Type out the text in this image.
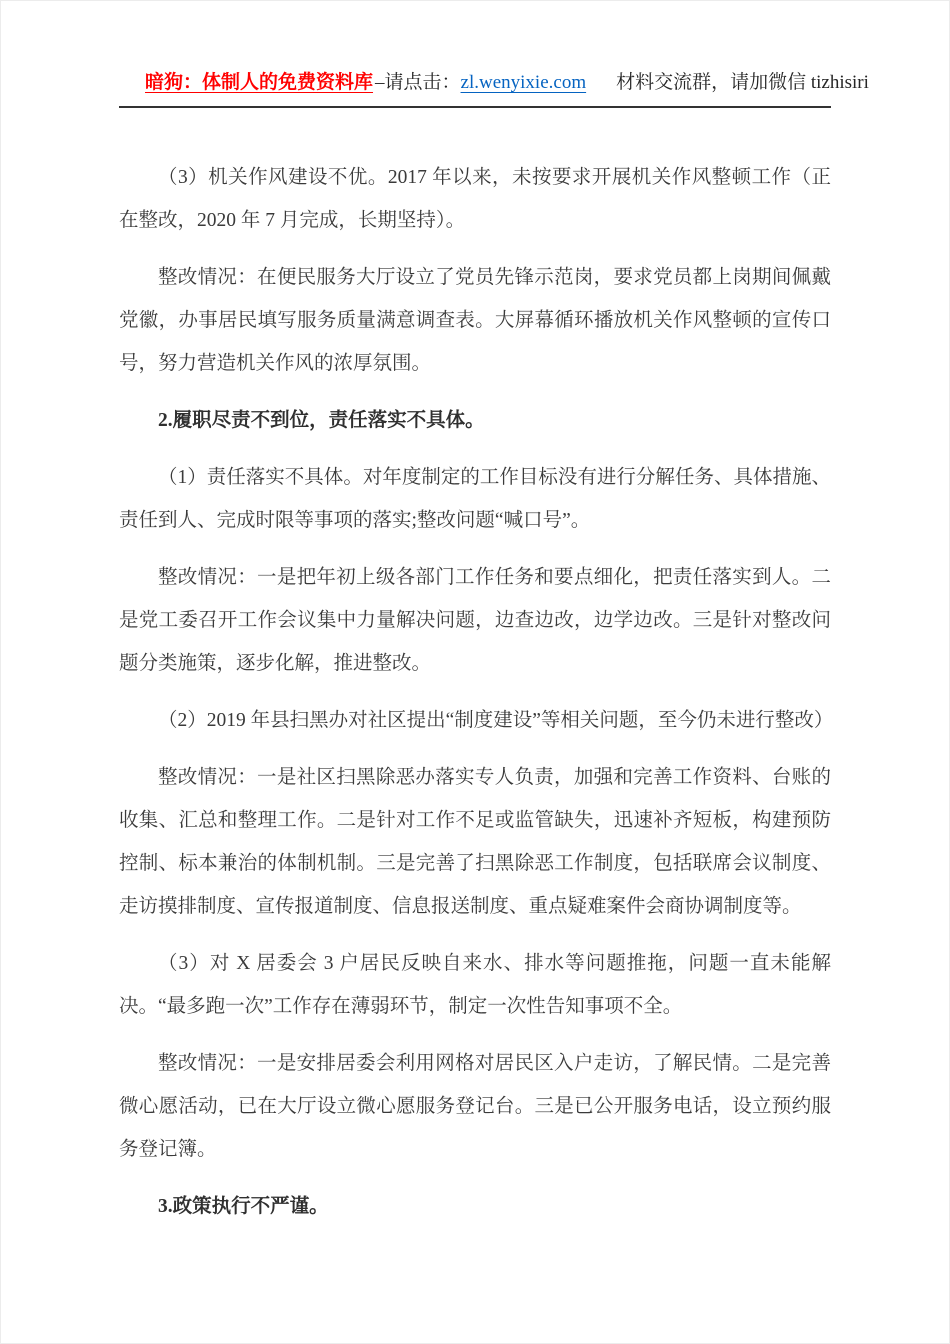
暗狗：体制人的免费资料库 –请点击：zl.wenyixie.com 材料交流群，请加微信 tizhisiri

（3）机关作风建设不优。2017 年以来，未按要求开展机关作风整顿工作（正在整改，2020 年 7 月完成，长期坚持）。

整改情况：在便民服务大厅设立了党员先锋示范岗，要求党员都上岗期间佩戴党徽，办事居民填写服务质量满意调查表。大屏幕循环播放机关作风整顿的宣传口号，努力营造机关作风的浓厚氛围。

2.履职尽责不到位，责任落实不具体。

（1）责任落实不具体。对年度制定的工作目标没有进行分解任务、具体措施、责任到人、完成时限等事项的落实;整改问题“喊口号”。

整改情况：一是把年初上级各部门工作任务和要点细化，把责任落实到人。二是党工委召开工作会议集中力量解决问题，边查边改，边学边改。三是针对整改问题分类施策，逐步化解，推进整改。

（2）2019 年县扫黑办对社区提出“制度建设”等相关问题，至今仍未进行整改）

整改情况：一是社区扫黑除恶办落实专人负责，加强和完善工作资料、台账的收集、汇总和整理工作。二是针对工作不足或监管缺失，迅速补齐短板，构建预防控制、标本兼治的体制机制。三是完善了扫黑除恶工作制度，包括联席会议制度、走访摸排制度、宣传报道制度、信息报送制度、重点疑难案件会商协调制度等。

（3）对 X 居委会 3 户居民反映自来水、排水等问题推拖，问题一直未能解决。“最多跑一次”工作存在薄弱环节，制定一次性告知事项不全。

整改情况：一是安排居委会利用网格对居民区入户走访，了解民情。二是完善微心愿活动，已在大厅设立微心愿服务登记台。三是已公开服务电话，设立预约服务登记簿。

3.政策执行不严谨。
